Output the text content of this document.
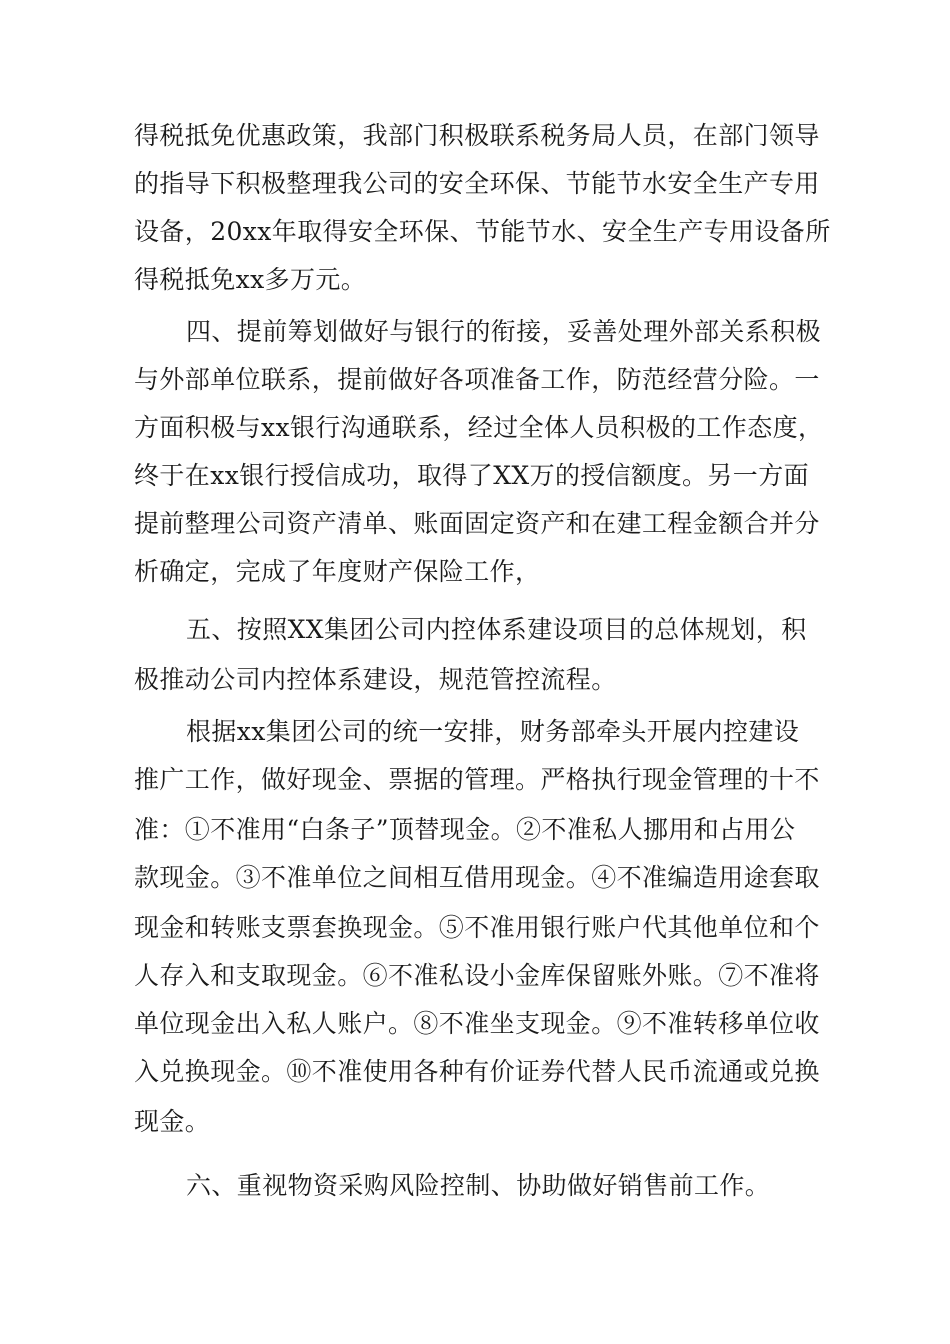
得税抵免优惠政策，我部门积极联系税务局人员，在部门领导
的指导下积极整理我公司的安全环保、节能节水安全生产专用
设备，20xx年取得安全环保、节能节水、安全生产专用设备所
得税抵免xx多万元。
四、提前筹划做好与银行的衔接，妥善处理外部关系积极
与外部单位联系，提前做好各项准备工作，防范经营分险。一
方面积极与xx银行沟通联系，经过全体人员积极的工作态度，
终于在xx银行授信成功，取得了XX万的授信额度。另一方面
提前整理公司资产清单、账面固定资产和在建工程金额合并分
析确定，完成了年度财产保险工作，
五、按照XX集团公司内控体系建设项目的总体规划，积
极推动公司内控体系建设，规范管控流程。
根据xx集团公司的统一安排，财务部牵头开展内控建设
推广工作，做好现金、票据的管理。严格执行现金管理的十不
准：①不准用“白条子”顶替现金。②不准私人挪用和占用公
款现金。③不准单位之间相互借用现金。④不准编造用途套取
现金和转账支票套换现金。⑤不准用银行账户代其他单位和个
人存入和支取现金。⑥不准私设小金库保留账外账。⑦不准将
单位现金出入私人账户。⑧不准坐支现金。⑨不准转移单位收
入兑换现金。⑩不准使用各种有价证券代替人民币流通或兑换
现金。
六、重视物资采购风险控制、协助做好销售前工作。
